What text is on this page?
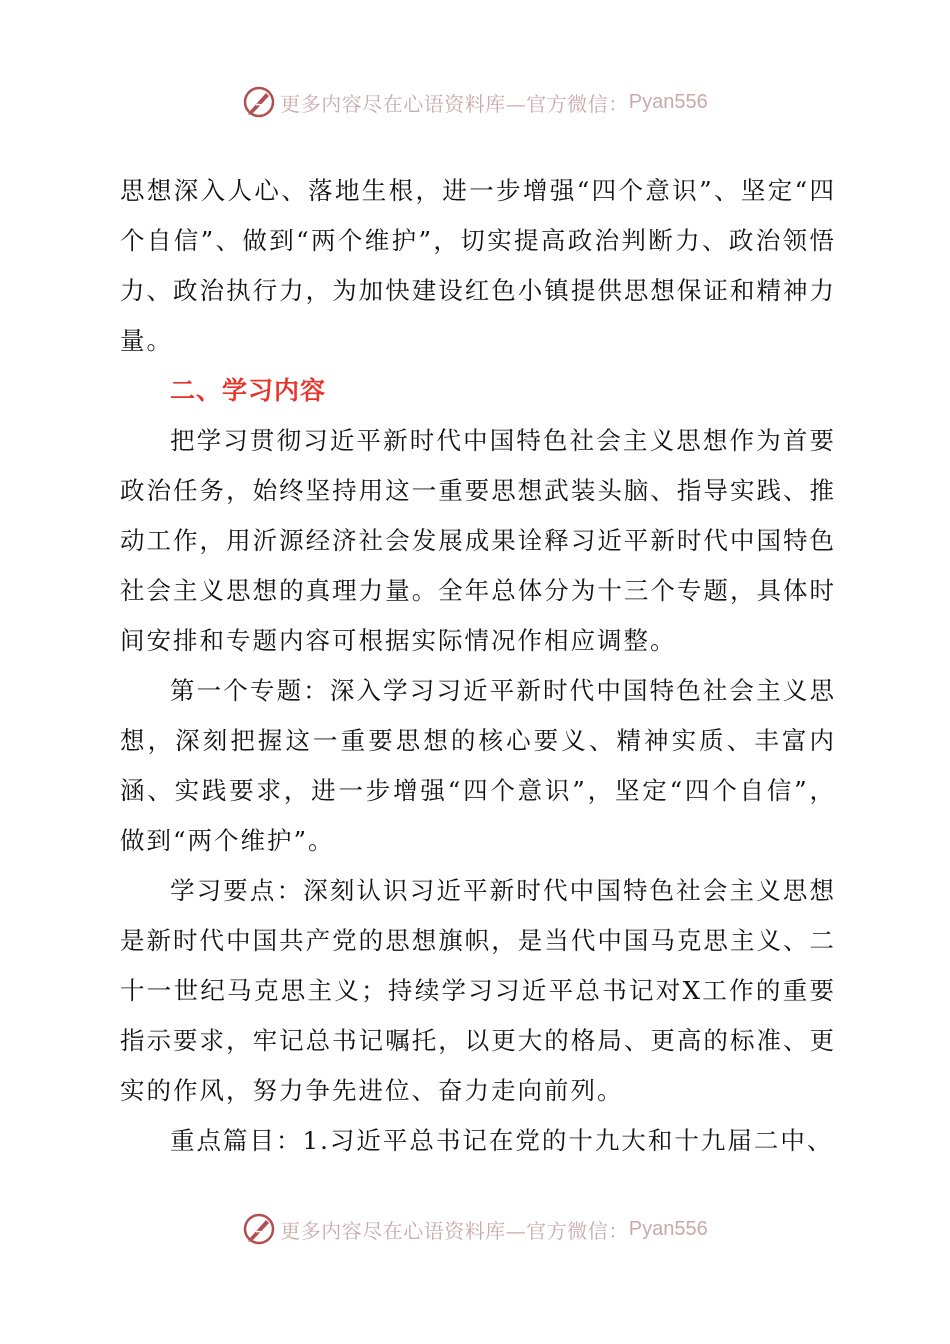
更多内容尽在心语资料库—官方微信： Pyan556

思想深入人心、落地生根，进一步增强“四个意识”、坚定“四个自信”、做到“两个维护”，切实提高政治判断力、政治领悟力、政治执行力，为加快建设红色小镇提供思想保证和精神力量。

二、学习内容

把学习贯彻习近平新时代中国特色社会主义思想作为首要政治任务，始终坚持用这一重要思想武装头脑、指导实践、推动工作，用沂源经济社会发展成果诠释习近平新时代中国特色社会主义思想的真理力量。全年总体分为十三个专题，具体时间安排和专题内容可根据实际情况作相应调整。

第一个专题：深入学习习近平新时代中国特色社会主义思想，深刻把握这一重要思想的核心要义、精神实质、丰富内涵、实践要求，进一步增强“四个意识”，坚定“四个自信”，做到“两个维护”。

学习要点：深刻认识习近平新时代中国特色社会主义思想是新时代中国共产党的思想旗帜，是当代中国马克思主义、二十一世纪马克思主义；持续学习习近平总书记对X工作的重要指示要求，牢记总书记嘱托，以更大的格局、更高的标准、更实的作风，努力争先进位、奋力走向前列。

重点篇目：1.习近平总书记在党的十九大和十九届二中、

更多内容尽在心语资料库—官方微信： Pyan556
